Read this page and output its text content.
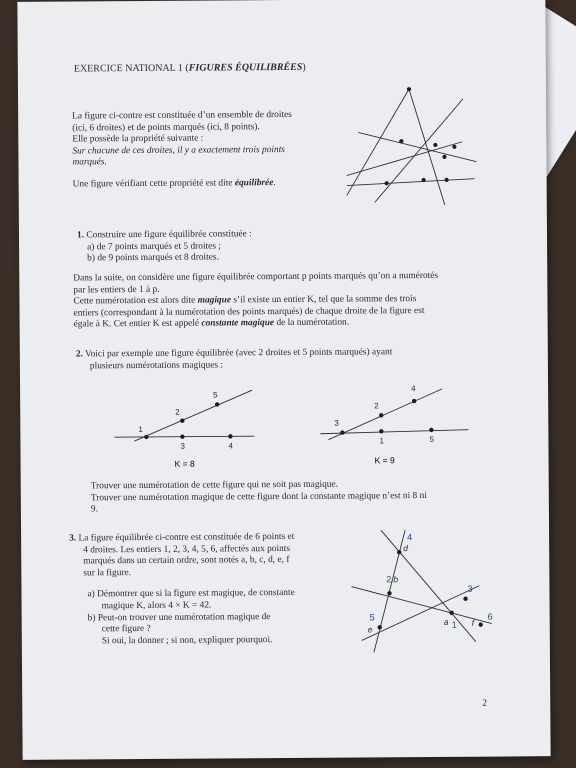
EXERCICE NATIONAL 1 (FIGURES ÉQUILIBRÉES)
La figure ci-contre est constituée d’un ensemble de droites
(ici, 6 droites) et de points marqués (ici, 8 points).
Elle possède la propriété suivante :
Sur chacune de ces droites, il y a exactement trois points
marqués.
Une figure vérifiant cette propriété est dite équilibrée.
1. Construire une figure équilibrée constituée :
a) de 7 points marqués et 5 droites ;
b) de 9 points marqués et 8 droites.
Dans la suite, on considère une figure équilibrée comportant p points marqués qu’on a numérotés
par les entiers de 1 à p.
Cette numérotation est alors dite magique s’il existe un entier K, tel que la somme des trois
entiers (correspondant à la numérotation des points marqués) de chaque droite de la figure est
égale à K. Cet entier K est appelé constante magique de la numérotation.
2. Voici par exemple une figure équilibrée (avec 2 droites et 5 points marqués) ayant
plusieurs numérotations magiques :
1
2
5
3	4
K = 8
3
2
4
1	5
K = 9
Trouver une numérotation de cette figure qui ne soit pas magique.
Trouver une numérotation magique de cette figure dont la constante magique n’est ni 8 ni
9.
3. La figure équilibrée ci-contre est constituée de 6 points et
4 droites. Les entiers 1, 2, 3, 4, 5, 6, affectés aux points
marqués dans un certain ordre, sont notés a, b, c, d, e, f
sur la figure.
a) Démontrer que si la figure est magique, de constante
magique K, alors 4 × K = 42.
b) Peut-on trouver une numérotation magique de
cette figure ?
Si oui, la donner ; si non, expliquer pourquoi.
d
b
e
a	f
4
2
3
5
1
6
2
